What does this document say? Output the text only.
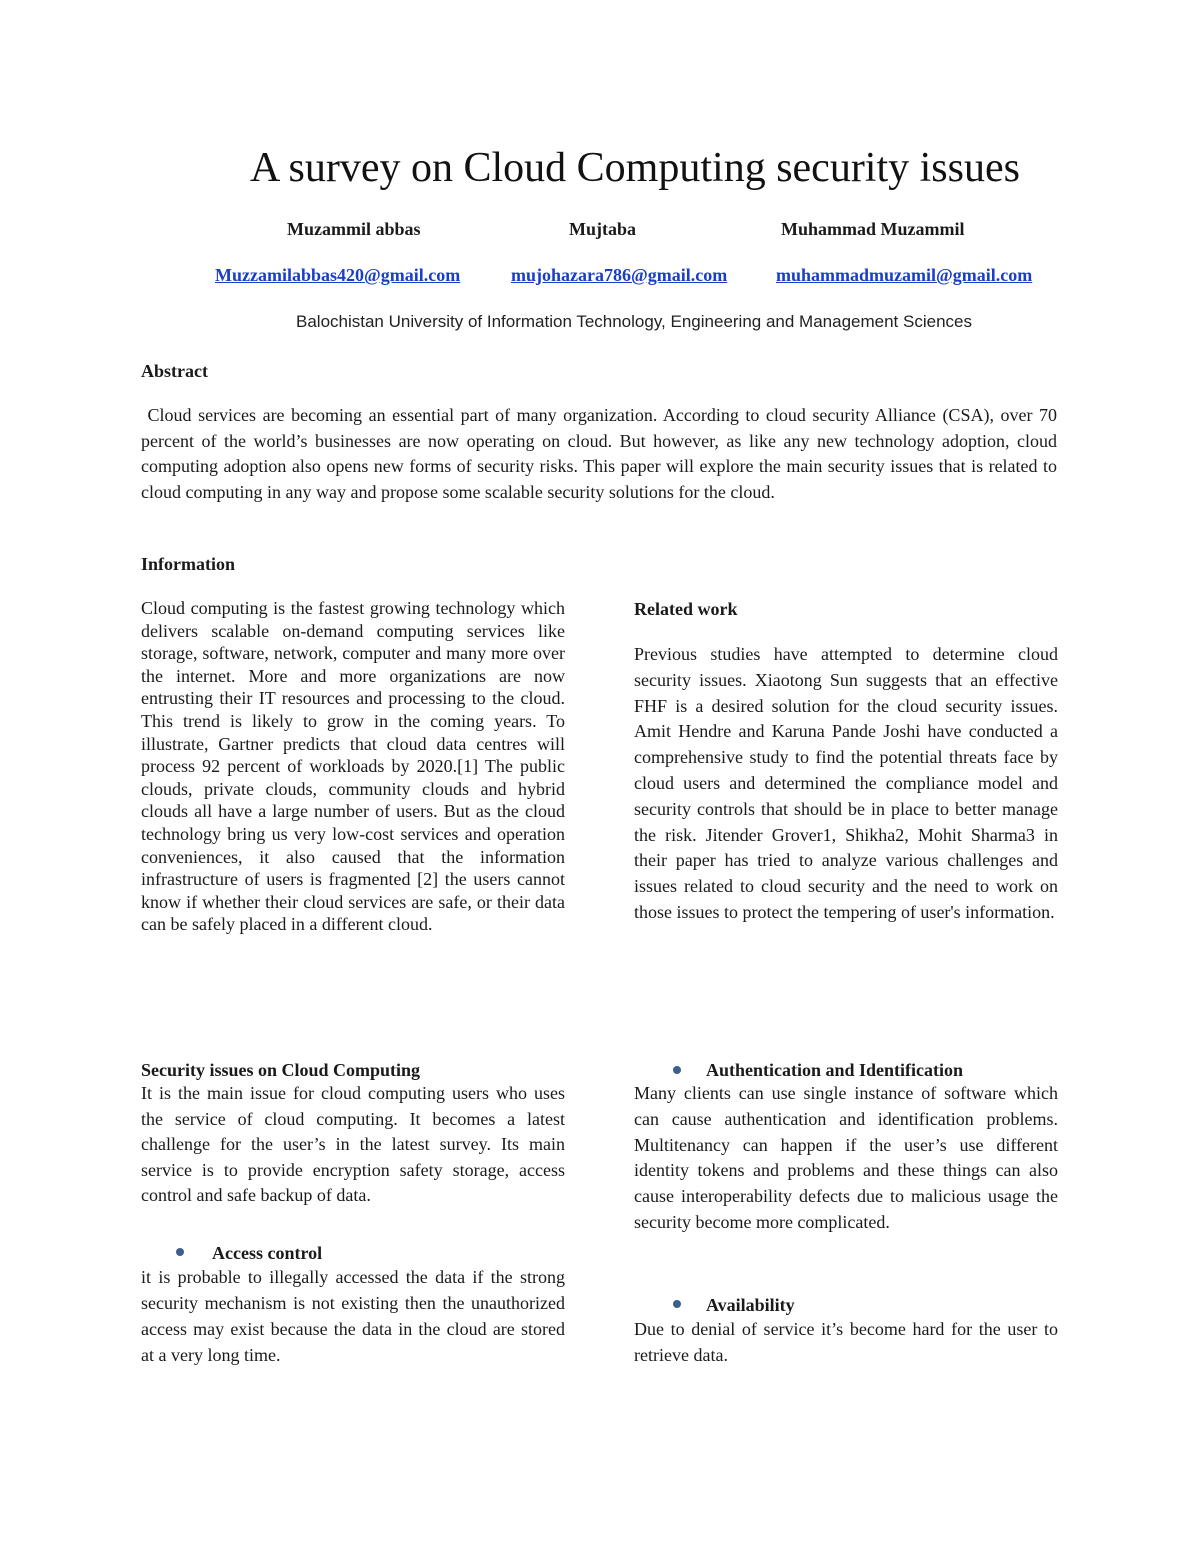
A survey on Cloud Computing security issues
Muzammil abbas	Mujtaba	Muhammad Muzammil
Muzzamilabbas420@gmail.com	mujohazara786@gmail.com	muhammadmuzamil@gmail.com
Balochistan University of Information Technology, Engineering and Management Sciences
Abstract

Cloud services are becoming an essential part of many organization. According to cloud security Alliance (CSA), over 70 percent of the world’s businesses are now operating on cloud. But however, as like any new technology adoption, cloud computing adoption also opens new forms of security risks. This paper will explore the main security issues that is related to cloud computing in any way and propose some scalable security solutions for the cloud.

Information

Cloud computing is the fastest growing technology which delivers scalable on-demand computing services like storage, software, network, computer and many more over the internet. More and more organizations are now entrusting their IT resources and processing to the cloud. This trend is likely to grow in the coming years. To illustrate, Gartner predicts that cloud data centres will process 92 percent of workloads by 2020.[1] The public clouds, private clouds, community clouds and hybrid clouds all have a large number of users. But as the cloud technology bring us very low-cost services and operation conveniences, it also caused that the information infrastructure of users is fragmented [2] the users cannot know if whether their cloud services are safe, or their data can be safely placed in a different cloud.

Related work

Previous studies have attempted to determine cloud security issues. Xiaotong Sun suggests that an effective FHF is a desired solution for the cloud security issues. Amit Hendre and Karuna Pande Joshi have conducted a comprehensive study to find the potential threats face by cloud users and determined the compliance model and security controls that should be in place to better manage the risk. Jitender Grover1, Shikha2, Mohit Sharma3 in their paper has tried to analyze various challenges and issues related to cloud security and the need to work on those issues to protect the tempering of user's information.

Security issues on Cloud Computing

It is the main issue for cloud computing users who uses the service of cloud computing. It becomes a latest challenge for the user’s in the latest survey. Its main service is to provide encryption safety storage, access control and safe backup of data.

Access control

it is probable to illegally accessed the data if the strong security mechanism is not existing then the unauthorized access may exist because the data in the cloud are stored at a very long time.

Authentication and Identification

Many clients can use single instance of software which can cause authentication and identification problems. Multitenancy can happen if the user’s use different identity tokens and problems and these things can also cause interoperability defects due to malicious usage the security become more complicated.

Availability

Due to denial of service it’s become hard for the user to retrieve data.
